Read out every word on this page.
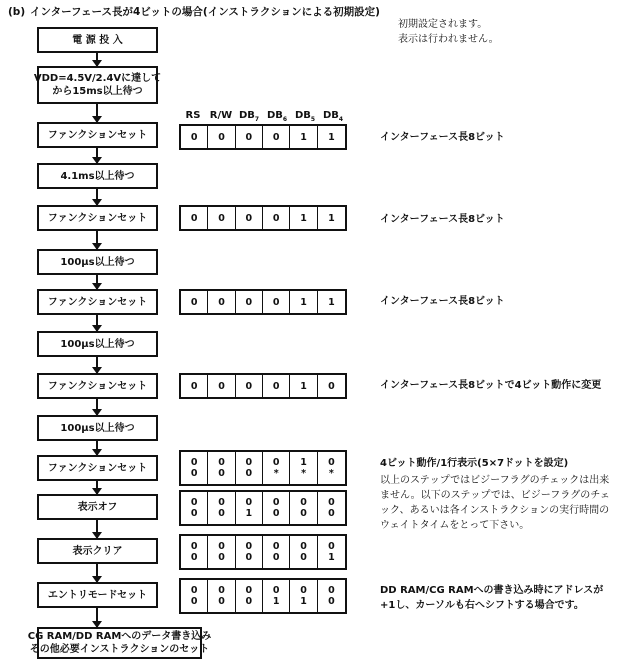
(b) インターフェース長が4ビットの場合(インストラクションによる初期設定)
初期設定されます。
表示は行われません。
RS R/W $DB_7$ $DB_6$ $DB_5$ $DB_4$
電 源 投 入
VDD=4.5V/2.4Vに達して
から15ms以上待つ
ファンクションセット
4.1ms以上待つ
ファンクションセット
100μs以上待つ
ファンクションセット
100μs以上待つ
ファンクションセット
100μs以上待つ
ファンクションセット
表示オフ
表示クリア
エントリモードセット
CG RAM/DD RAMへのデータ書き込み
その他必要インストラクションのセット
0 0 0 0 1 1
0 0 0 0 1 1
0 0 0 0 1 1
0 0 0 0 1 0
0
0
0
0
0
0
0
*
1
*
0
*
0
0
0
0
0
1
0
0
0
0
0
0
0
0
0
0
0
0
0
0
0
0
0
1
0
0
0
0
0
0
0
1
0
1
0
0
インターフェース長8ビット
インターフェース長8ビット
インターフェース長8ビット
インターフェース長8ビットで4ビット動作に変更
4ビット動作/1行表示(5×7ドットを設定)
以上のステップではビジーフラグのチェックは出来
ません。以下のステップでは、ビジーフラグのチェ
ック、あるいは各インストラクションの実行時間の
ウェイトタイムをとって下さい。
DD RAM/CG RAMへの書き込み時にアドレスが
+1し、カーソルも右へシフトする場合です。
